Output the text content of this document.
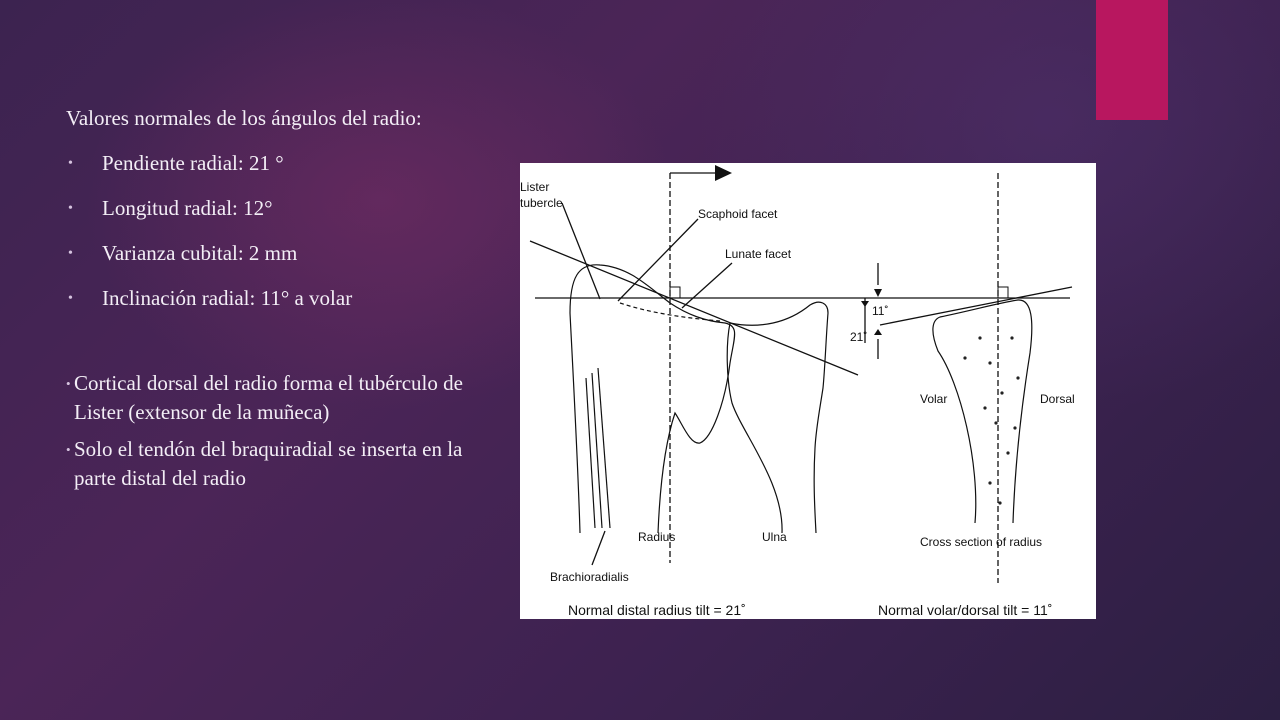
Valores normales de los ángulos del radio:

• Pendiente radial: 21 °
• Longitud radial: 12°
• Varianza cubital: 2 mm
• Inclinación radial: 11° a volar
• Cortical dorsal del radio forma el tubérculo de Lister (extensor de la muñeca)
• Solo el tendón del braquiradial se inserta en la parte distal del radio
Lister
tubercle
Scaphoid facet
Lunate facet
11˚
21˚
Volar	Dorsal
Radius	Ulna	Cross section of radius
Brachioradialis
Normal distal radius tilt = 21˚	Normal volar/dorsal tilt = 11˚
